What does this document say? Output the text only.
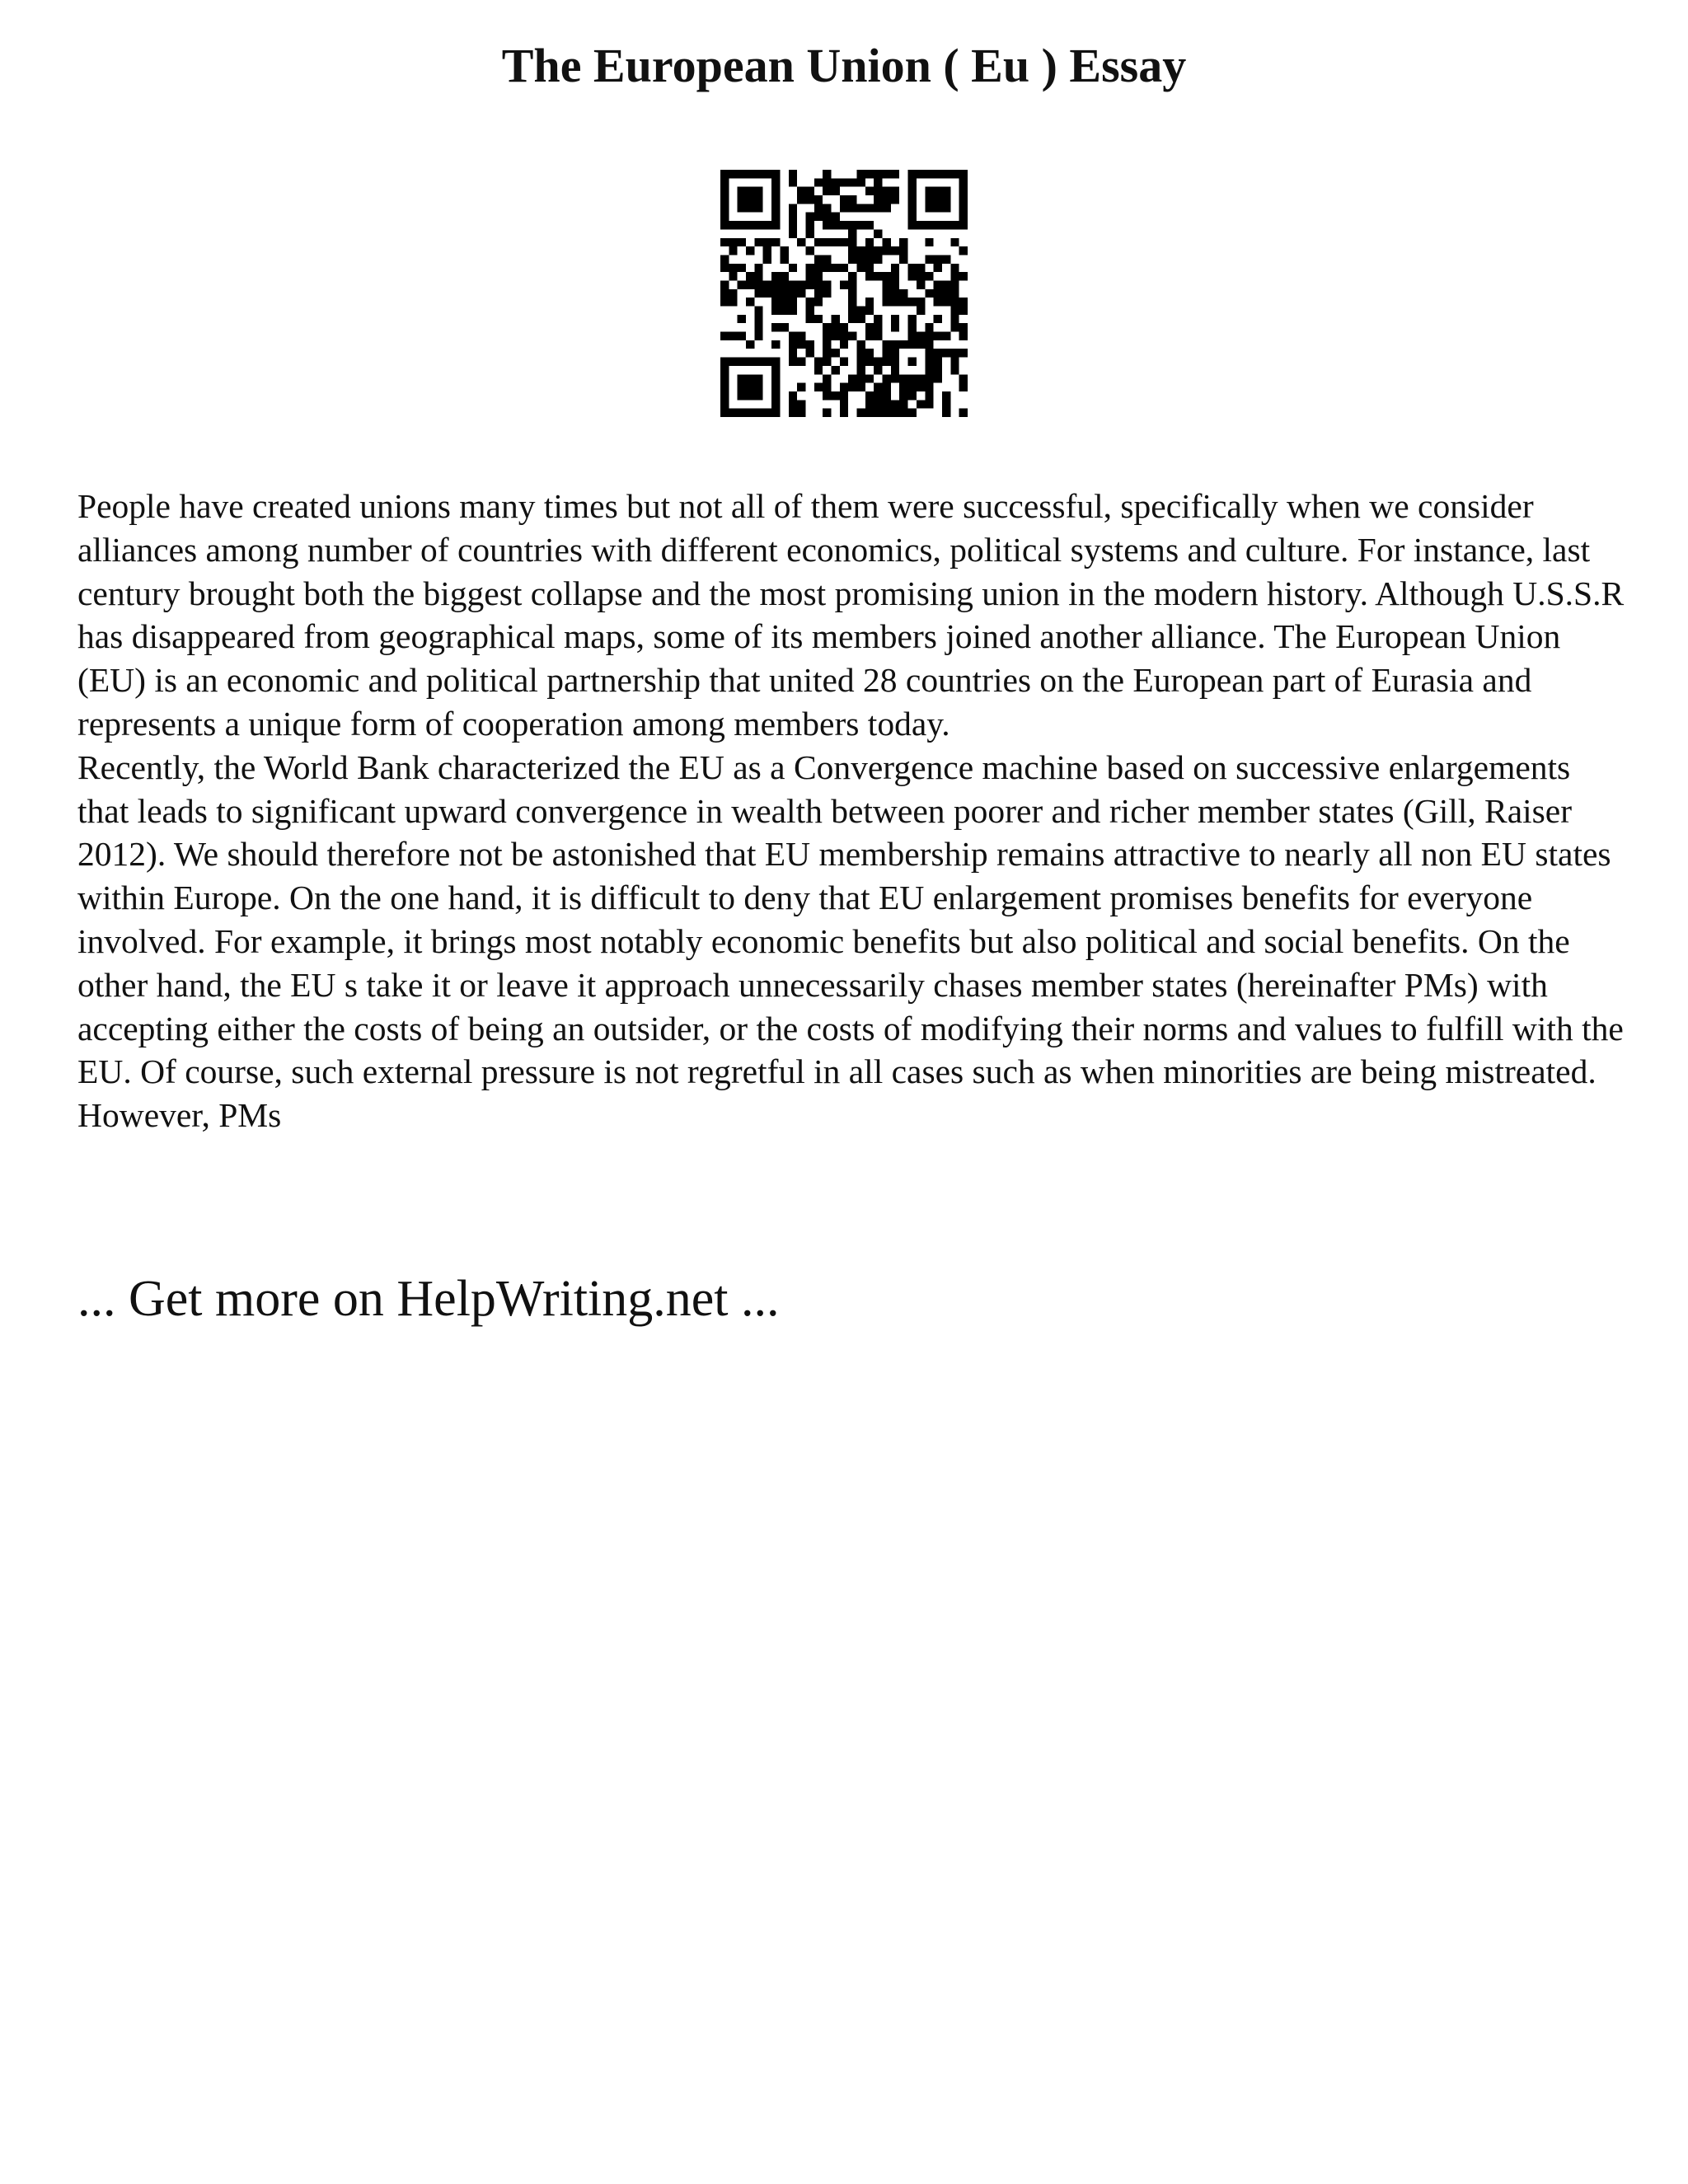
The European Union ( Eu ) Essay

People have created unions many times but not all of them were successful, specifically when we consider alliances among number of countries with different economics, political systems and culture. For instance, last century brought both the biggest collapse and the most promising union in the modern history. Although U.S.S.R has disappeared from geographical maps, some of its members joined another alliance. The European Union (EU) is an economic and political partnership that united 28 countries on the European part of Eurasia and represents a unique form of cooperation among members today.

Recently, the World Bank characterized the EU as a Convergence machine based on successive enlargements that leads to significant upward convergence in wealth between poorer and richer member states (Gill, Raiser 2012). We should therefore not be astonished that EU membership remains attractive to nearly all non EU states within Europe. On the one hand, it is difficult to deny that EU enlargement promises benefits for everyone involved. For example, it brings most notably economic benefits but also political and social benefits. On the other hand, the EU s take it or leave it approach unnecessarily chases member states (hereinafter PMs) with accepting either the costs of being an outsider, or the costs of modifying their norms and values to fulfill with the EU. Of course, such external pressure is not regretful in all cases such as when minorities are being mistreated. However, PMs

... Get more on HelpWriting.net ...
